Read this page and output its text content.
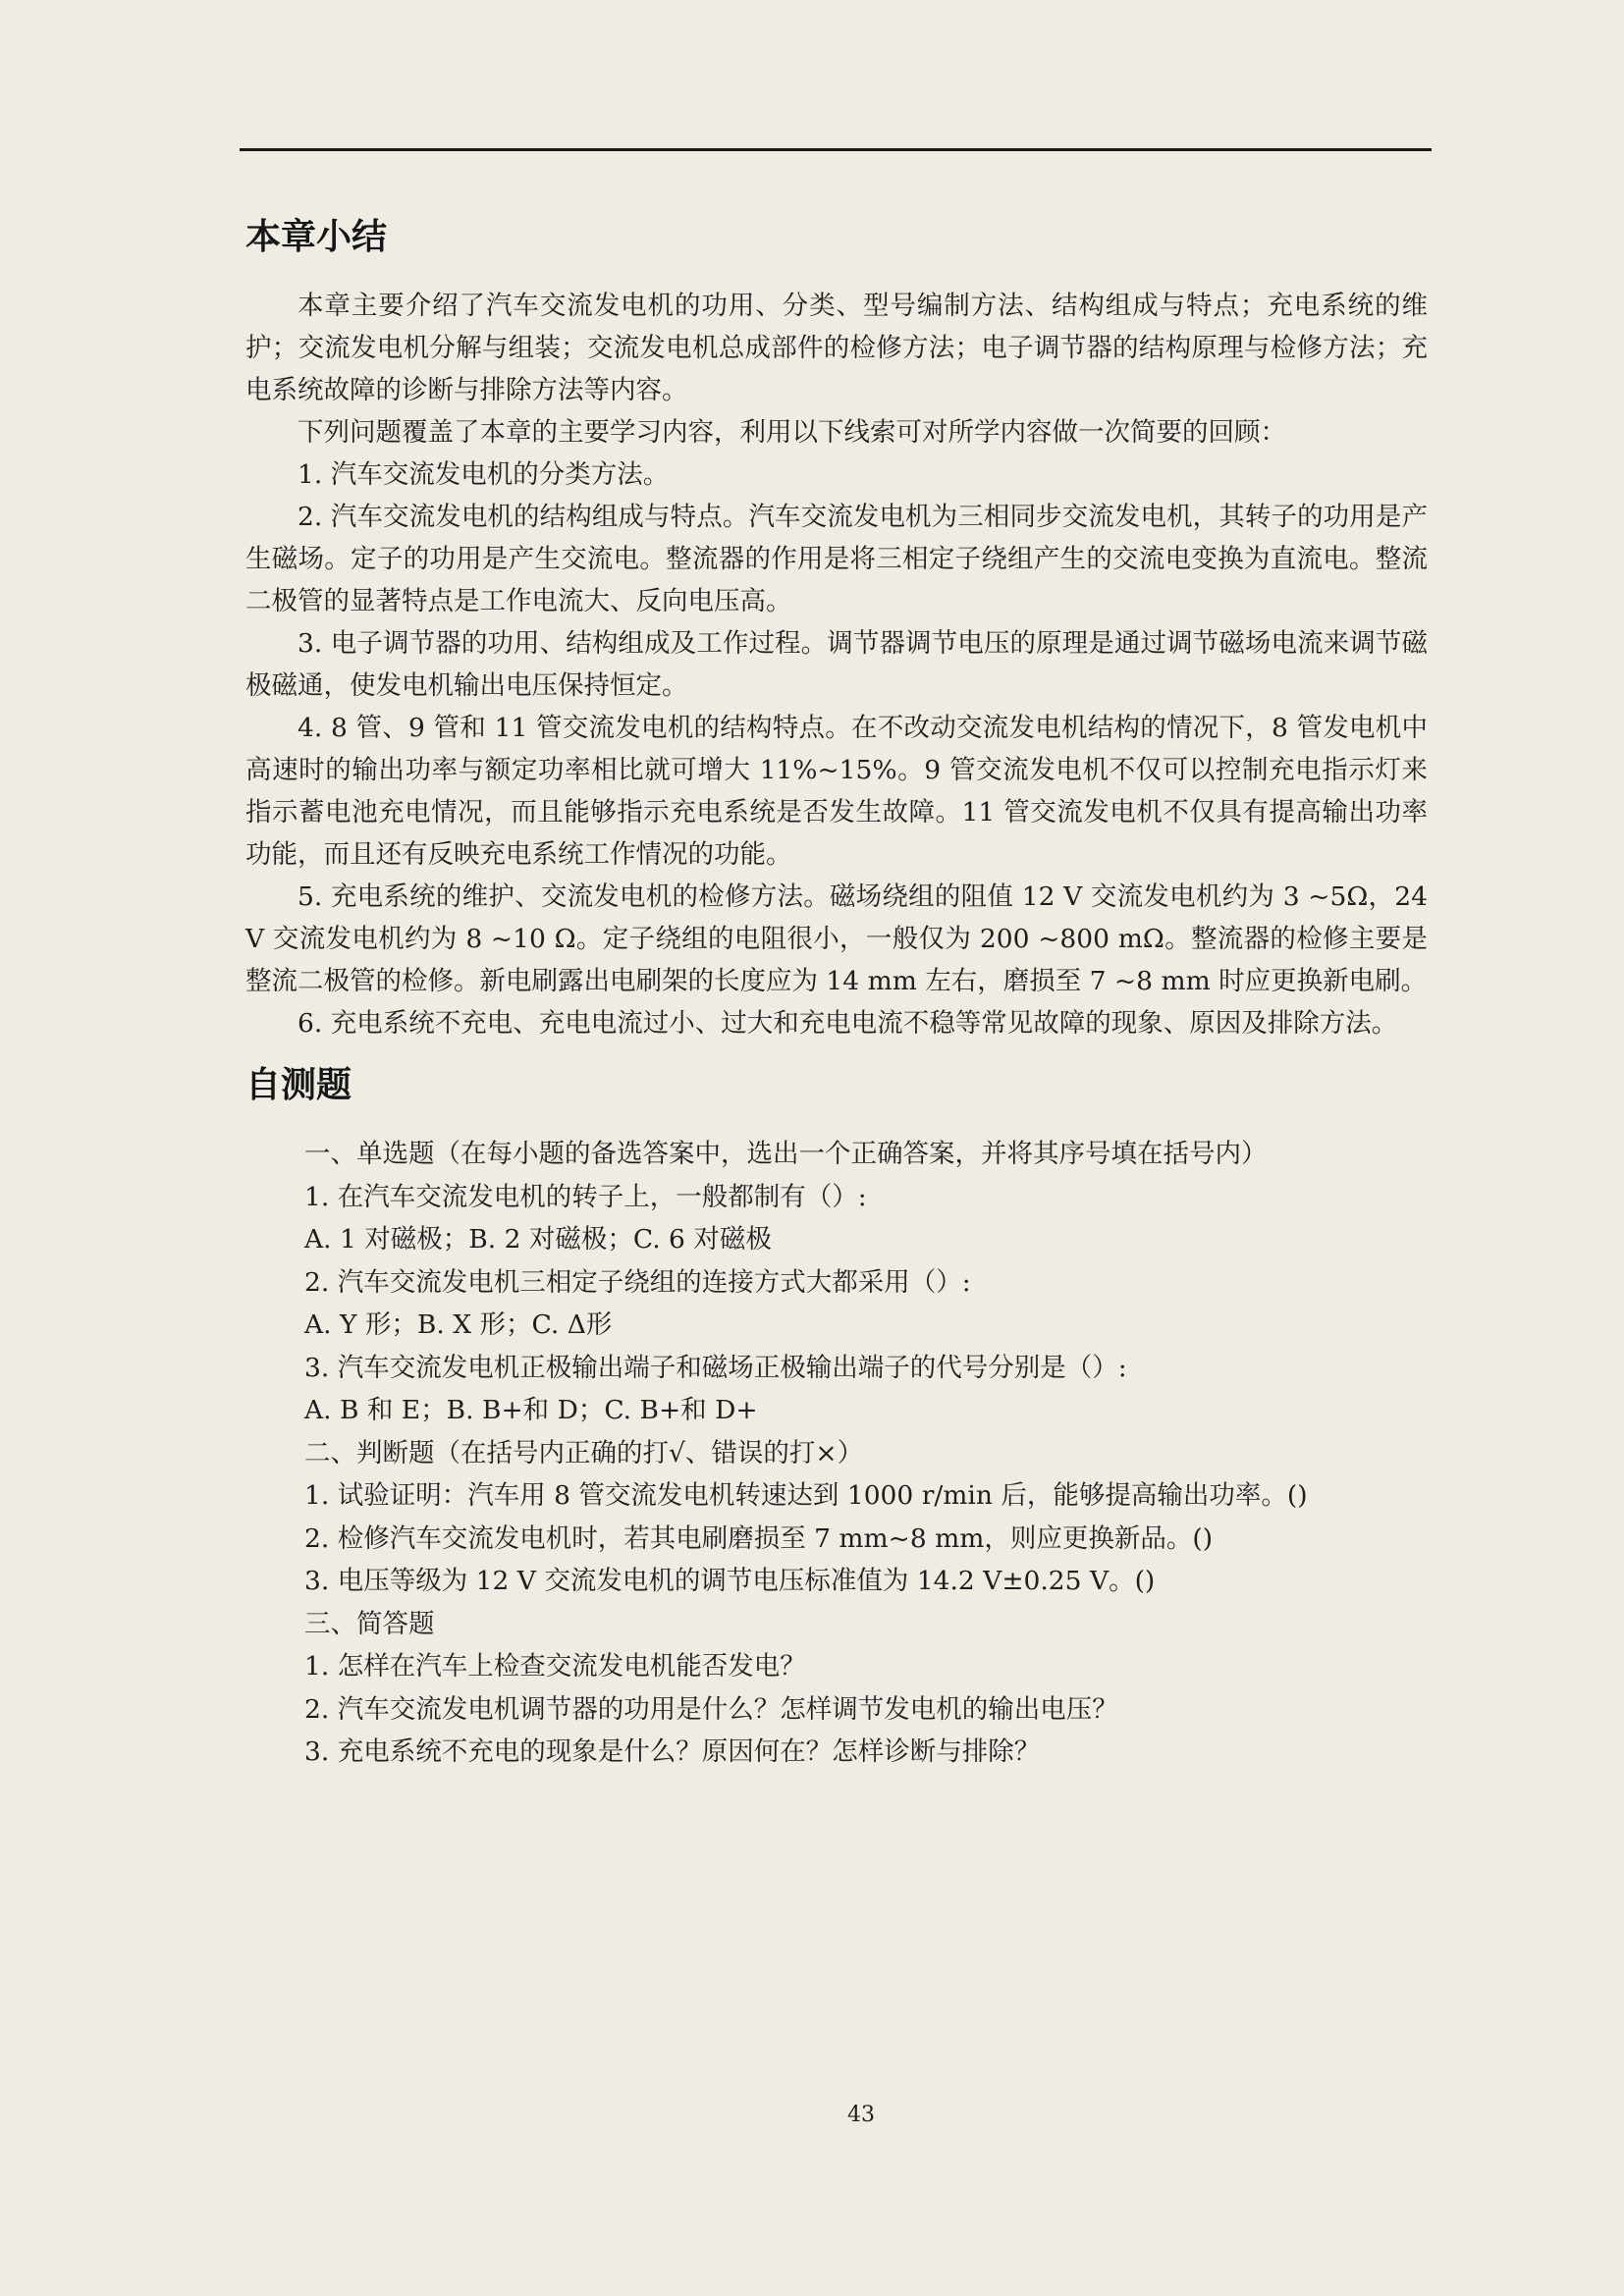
本章小结

本章主要介绍了汽车交流发电机的功用、分类、型号编制方法、结构组成与特点；充电系统的维护；交流发电机分解与组装；交流发电机总成部件的检修方法；电子调节器的结构原理与检修方法；充电系统故障的诊断与排除方法等内容。

下列问题覆盖了本章的主要学习内容，利用以下线索可对所学内容做一次简要的回顾：

1. 汽车交流发电机的分类方法。

2. 汽车交流发电机的结构组成与特点。汽车交流发电机为三相同步交流发电机，其转子的功用是产生磁场。定子的功用是产生交流电。整流器的作用是将三相定子绕组产生的交流电变换为直流电。整流二极管的显著特点是工作电流大、反向电压高。

3. 电子调节器的功用、结构组成及工作过程。调节器调节电压的原理是通过调节磁场电流来调节磁极磁通，使发电机输出电压保持恒定。

4. 8 管、9 管和 11 管交流发电机的结构特点。在不改动交流发电机结构的情况下，8 管发电机中高速时的输出功率与额定功率相比就可增大 11%~15%。9 管交流发电机不仅可以控制充电指示灯来指示蓄电池充电情况，而且能够指示充电系统是否发生故障。11 管交流发电机不仅具有提高输出功率功能，而且还有反映充电系统工作情况的功能。

5. 充电系统的维护、交流发电机的检修方法。磁场绕组的阻值 12 V 交流发电机约为 3 ~5Ω，24 V 交流发电机约为 8 ~10 Ω。定子绕组的电阻很小，一般仅为 200 ~800 mΩ。整流器的检修主要是整流二极管的检修。新电刷露出电刷架的长度应为 14 mm 左右，磨损至 7 ~8 mm 时应更换新电刷。

6. 充电系统不充电、充电电流过小、过大和充电电流不稳等常见故障的现象、原因及排除方法。

自测题

一、单选题（在每小题的备选答案中，选出一个正确答案，并将其序号填在括号内）

1. 在汽车交流发电机的转子上，一般都制有（）:

A. 1 对磁极；B. 2 对磁极；C. 6 对磁极

2. 汽车交流发电机三相定子绕组的连接方式大都采用（）:

A. Y 形；B. X 形；C. Δ形

3. 汽车交流发电机正极输出端子和磁场正极输出端子的代号分别是（）:

A. B 和 E；B. B+和 D；C. B+和 D+

二、判断题（在括号内正确的打√、错误的打×）

1. 试验证明：汽车用 8 管交流发电机转速达到 1000 r/min 后，能够提高输出功率。()

2. 检修汽车交流发电机时，若其电刷磨损至 7 mm~8 mm，则应更换新品。()

3. 电压等级为 12 V 交流发电机的调节电压标准值为 14.2 V±0.25 V。()

三、简答题

1. 怎样在汽车上检查交流发电机能否发电？

2. 汽车交流发电机调节器的功用是什么？怎样调节发电机的输出电压？

3. 充电系统不充电的现象是什么？原因何在？怎样诊断与排除？

43
